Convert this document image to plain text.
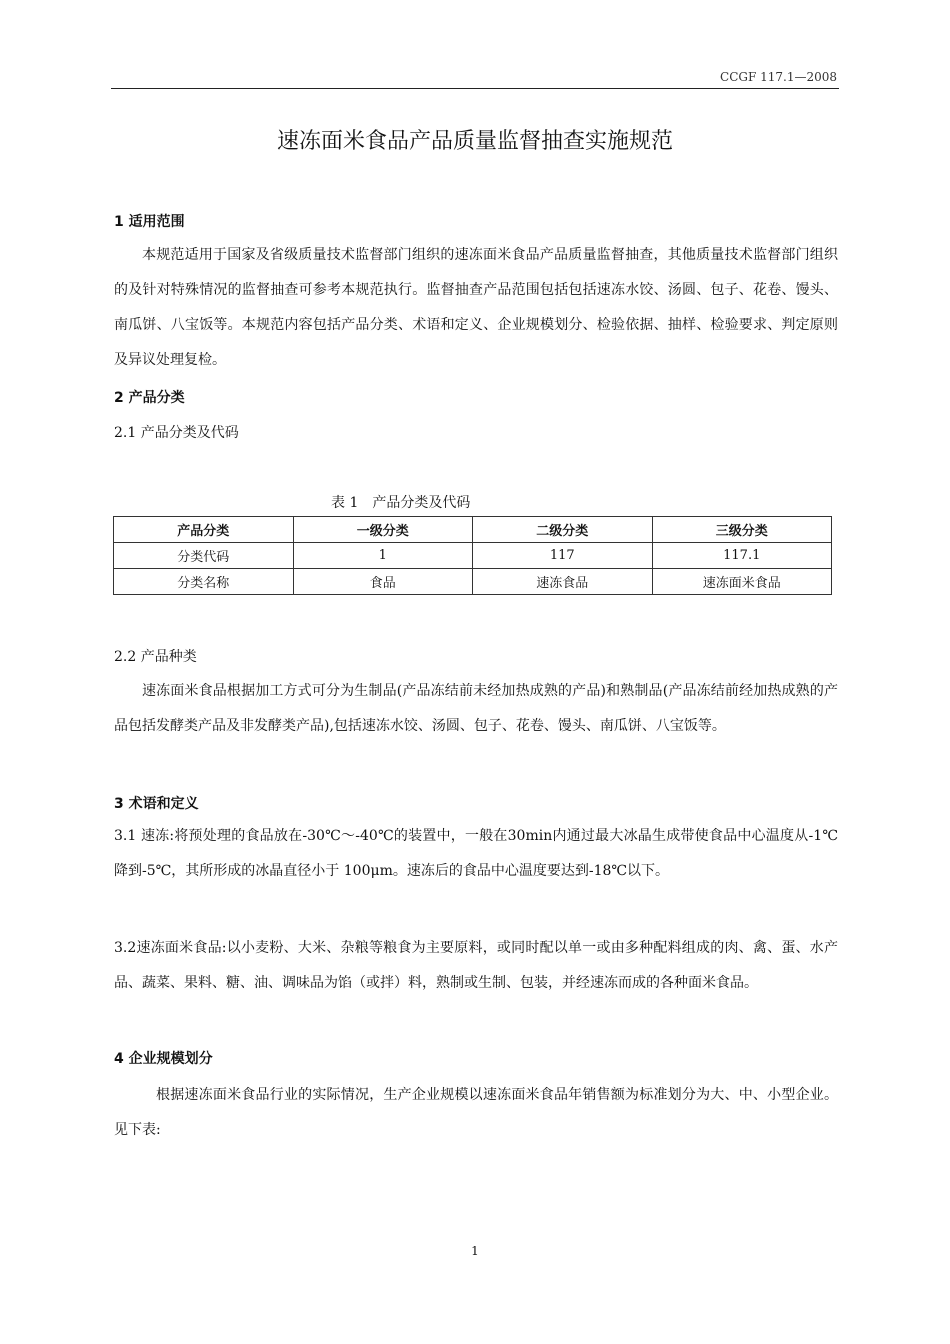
CCGF 117.1—2008
速冻面米食品产品质量监督抽查实施规范
1 适用范围
本规范适用于国家及省级质量技术监督部门组织的速冻面米食品产品质量监督抽查，其他质量技术监督部门组织的及针对特殊情况的监督抽查可参考本规范执行。监督抽查产品范围包括包括速冻水饺、汤圆、包子、花卷、馒头、南瓜饼、八宝饭等。本规范内容包括产品分类、术语和定义、企业规模划分、检验依据、抽样、检验要求、判定原则及异议处理复检。
2 产品分类
2.1 产品分类及代码
表 1　产品分类及代码
产品分类	一级分类	二级分类	三级分类
分类代码	1	117	117.1
分类名称	食品	速冻食品	速冻面米食品
2.2 产品种类
速冻面米食品根据加工方式可分为生制品(产品冻结前未经加热成熟的产品)和熟制品(产品冻结前经加热成熟的产品包括发酵类产品及非发酵类产品),包括速冻水饺、汤圆、包子、花卷、馒头、南瓜饼、八宝饭等。
3 术语和定义
3.1 速冻:将预处理的食品放在-30℃～-40℃的装置中，一般在30min内通过最大冰晶生成带使食品中心温度从-1℃降到-5℃，其所形成的冰晶直径小于 100μm。速冻后的食品中心温度要达到-18℃以下。
3.2速冻面米食品:以小麦粉、大米、杂粮等粮食为主要原料，或同时配以单一或由多种配料组成的肉、禽、蛋、水产品、蔬菜、果料、糖、油、调味品为馅（或拌）料，熟制或生制、包装，并经速冻而成的各种面米食品。
4 企业规模划分
根据速冻面米食品行业的实际情况，生产企业规模以速冻面米食品年销售额为标准划分为大、中、小型企业。见下表:
1
